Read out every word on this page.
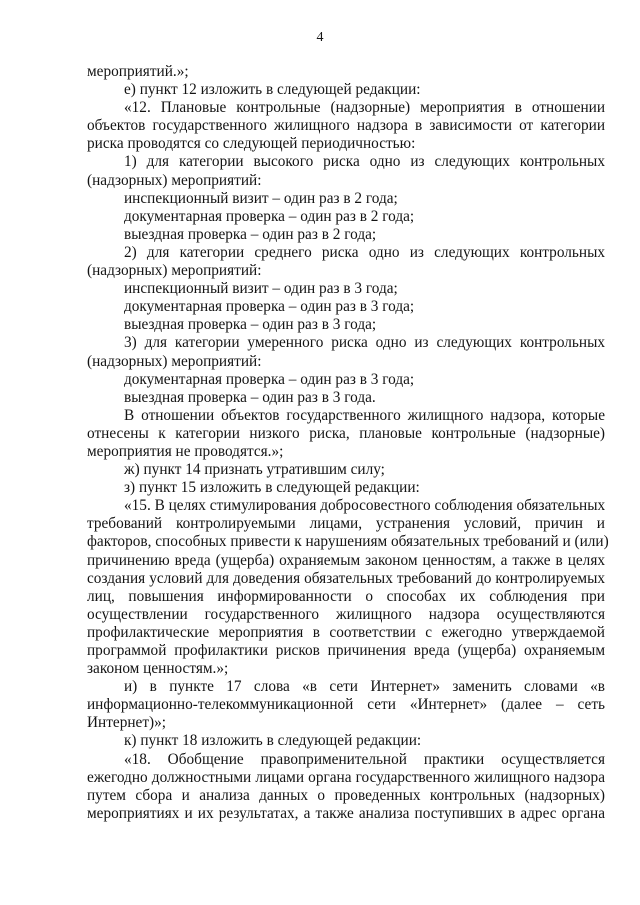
4
мероприятий.»;
е) пункт 12 изложить в следующей редакции:
«12. Плановые контрольные (надзорные) мероприятия в отношении
объектов государственного жилищного надзора в зависимости от категории
риска проводятся со следующей периодичностью:
1) для категории высокого риска одно из следующих контрольных
(надзорных) мероприятий:
инспекционный визит – один раз в 2 года;
документарная проверка – один раз в 2 года;
выездная проверка – один раз в 2 года;
2) для категории среднего риска одно из следующих контрольных
(надзорных) мероприятий:
инспекционный визит – один раз в 3 года;
документарная проверка – один раз в 3 года;
выездная проверка – один раз в 3 года;
3) для категории умеренного риска одно из следующих контрольных
(надзорных) мероприятий:
документарная проверка – один раз в 3 года;
выездная проверка – один раз в 3 года.
В отношении объектов государственного жилищного надзора, которые
отнесены к категории низкого риска, плановые контрольные (надзорные)
мероприятия не проводятся.»;
ж) пункт 14 признать утратившим силу;
з) пункт 15 изложить в следующей редакции:
«15. В целях стимулирования добросовестного соблюдения обязательных
требований контролируемыми лицами, устранения условий, причин и
факторов, способных привести к нарушениям обязательных требований и (или)
причинению вреда (ущерба) охраняемым законом ценностям, а также в целях
создания условий для доведения обязательных требований до контролируемых
лиц, повышения информированности о способах их соблюдения при
осуществлении государственного жилищного надзора осуществляются
профилактические мероприятия в соответствии с ежегодно утверждаемой
программой профилактики рисков причинения вреда (ущерба) охраняемым
законом ценностям.»;
и) в пункте 17 слова «в сети Интернет» заменить словами «в
информационно-телекоммуникационной сети «Интернет» (далее – сеть
Интернет)»;
к) пункт 18 изложить в следующей редакции:
«18. Обобщение правоприменительной практики осуществляется
ежегодно должностными лицами органа государственного жилищного надзора
путем сбора и анализа данных о проведенных контрольных (надзорных)
мероприятиях и их результатах, а также анализа поступивших в адрес органа
